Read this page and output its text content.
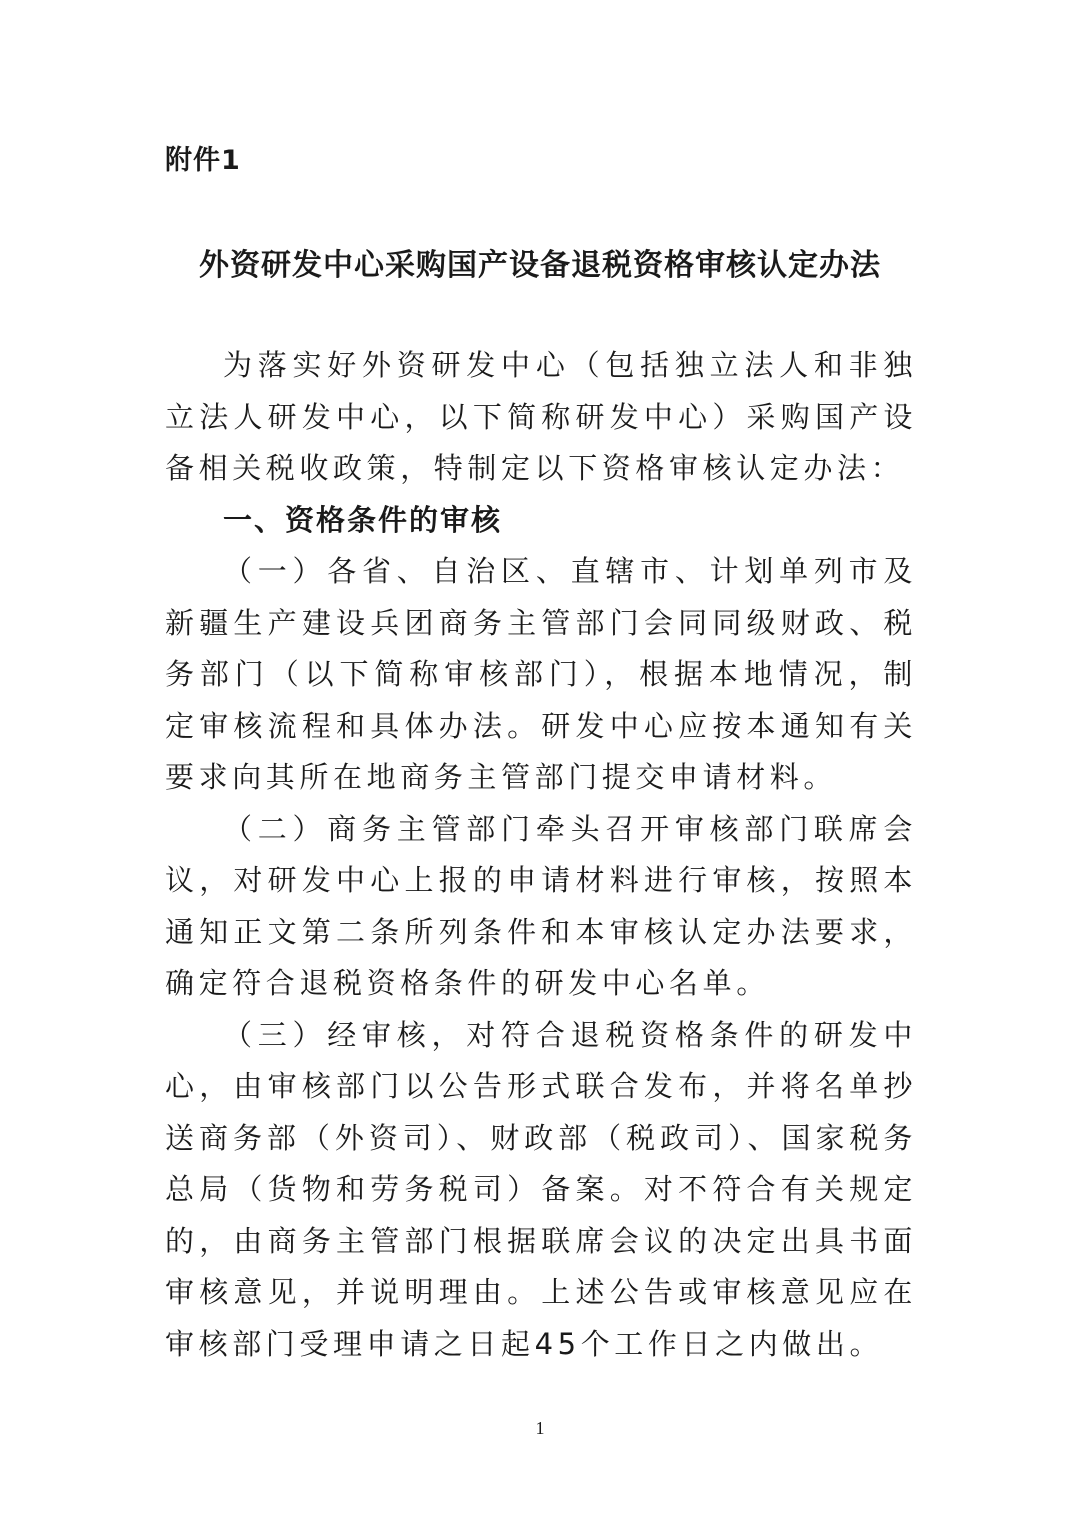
附件1
外资研发中心采购国产设备退税资格审核认定办法

为落实好外资研发中心（包括独立法人和非独立法人研发中心，以下简称研发中心）采购国产设备相关税收政策，特制定以下资格审核认定办法：

一、资格条件的审核

（一）各省、自治区、直辖市、计划单列市及新疆生产建设兵团商务主管部门会同同级财政、税务部门（以下简称审核部门），根据本地情况，制定审核流程和具体办法。研发中心应按本通知有关要求向其所在地商务主管部门提交申请材料。

（二）商务主管部门牵头召开审核部门联席会议，对研发中心上报的申请材料进行审核，按照本通知正文第二条所列条件和本审核认定办法要求，确定符合退税资格条件的研发中心名单。

（三）经审核，对符合退税资格条件的研发中心，由审核部门以公告形式联合发布，并将名单抄送商务部（外资司）、财政部（税政司）、国家税务总局（货物和劳务税司）备案。对不符合有关规定的，由商务主管部门根据联席会议的决定出具书面审核意见，并说明理由。上述公告或审核意见应在审核部门受理申请之日起45个工作日之内做出。

1
